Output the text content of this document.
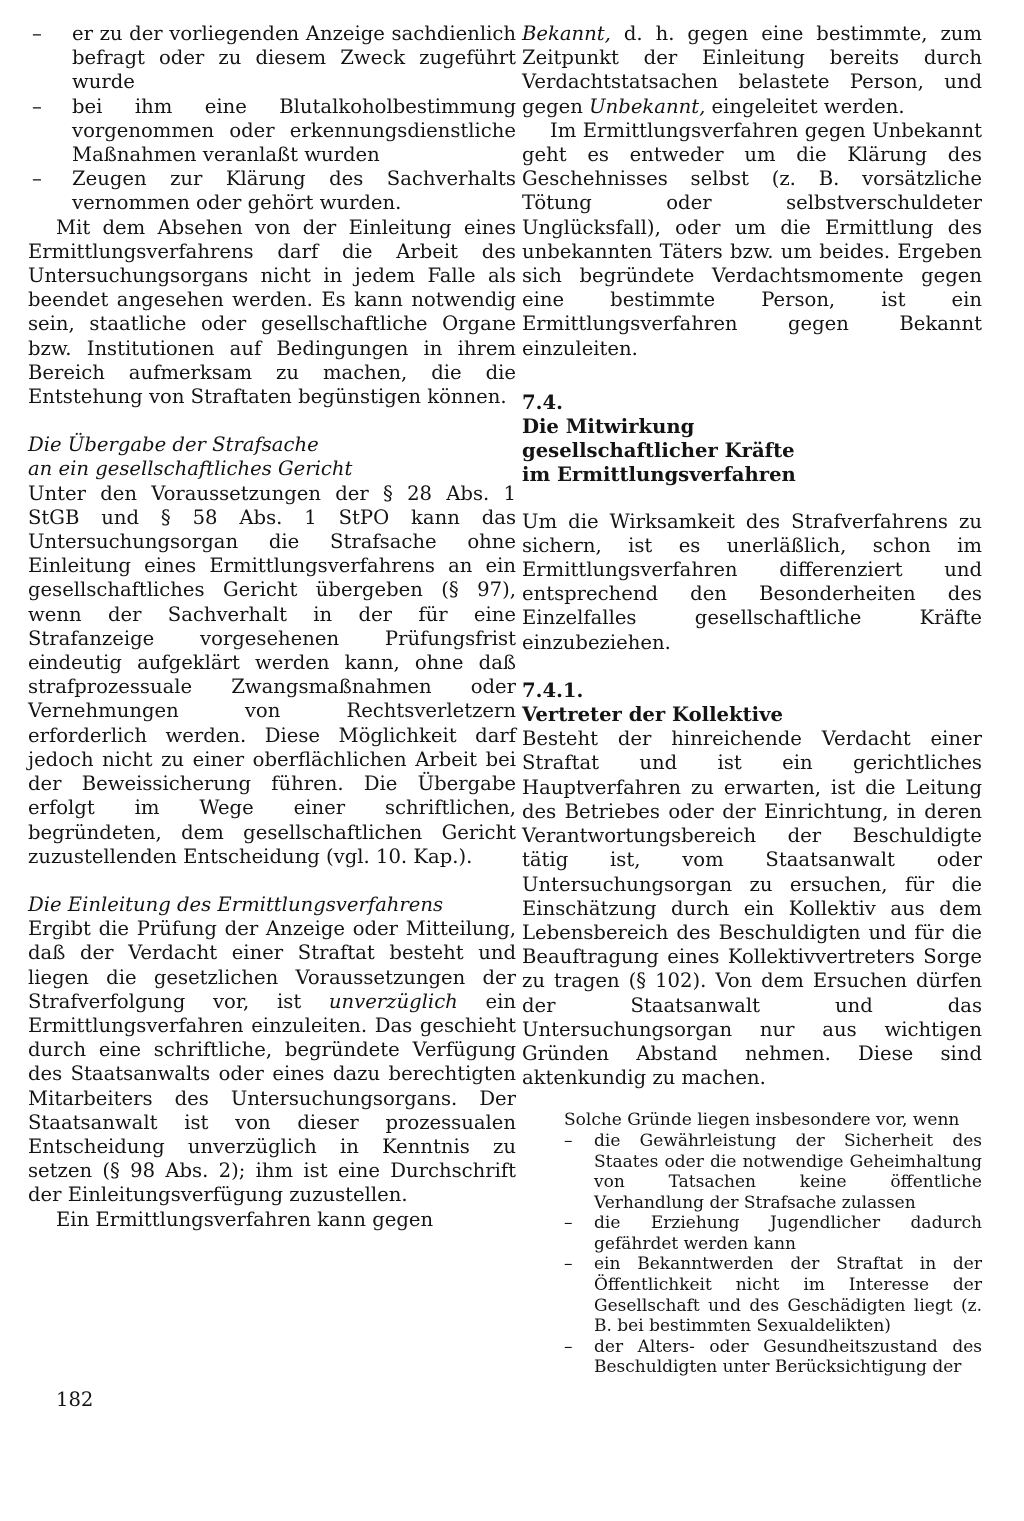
– er zu der vorliegenden Anzeige sachdienlich befragt oder zu diesem Zweck zugeführt wurde
– bei ihm eine Blutalkoholbestimmung vorgenommen oder erkennungsdienstliche Maßnahmen veranlaßt wurden
– Zeugen zur Klärung des Sachverhalts vernommen oder gehört wurden.

Mit dem Absehen von der Einleitung eines Ermittlungsverfahrens darf die Arbeit des Untersuchungsorgans nicht in jedem Falle als beendet angesehen werden. Es kann notwendig sein, staatliche oder gesellschaftliche Organe bzw. Institutionen auf Bedingungen in ihrem Bereich aufmerksam zu machen, die die Entstehung von Straftaten begünstigen können.

Die Übergabe der Strafsache

an ein gesellschaftliches Gericht

Unter den Voraussetzungen der § 28 Abs. 1 StGB und § 58 Abs. 1 StPO kann das Untersuchungsorgan die Strafsache ohne Einleitung eines Ermittlungsverfahrens an ein gesellschaftliches Gericht übergeben (§ 97), wenn der Sachverhalt in der für eine Strafanzeige vorgesehenen Prüfungsfrist eindeutig aufgeklärt werden kann, ohne daß strafprozessuale Zwangsmaßnahmen oder Vernehmungen von Rechtsverletzern erforderlich werden. Diese Möglichkeit darf jedoch nicht zu einer oberflächlichen Arbeit bei der Beweissicherung führen. Die Übergabe erfolgt im Wege einer schriftlichen, begründeten, dem gesellschaftlichen Gericht zuzustellenden Entscheidung (vgl. 10. Kap.).

Die Einleitung des Ermittlungsverfahrens

Ergibt die Prüfung der Anzeige oder Mitteilung, daß der Verdacht einer Straftat besteht und liegen die gesetzlichen Voraussetzungen der Strafverfolgung vor, ist unverzüglich ein Ermittlungsverfahren einzuleiten. Das geschieht durch eine schriftliche, begründete Verfügung des Staatsanwalts oder eines dazu berechtigten Mitarbeiters des Untersuchungsorgans. Der Staatsanwalt ist von dieser prozessualen Entscheidung unverzüglich in Kenntnis zu setzen (§ 98 Abs. 2); ihm ist eine Durchschrift der Einleitungsverfügung zuzustellen.

Ein Ermittlungsverfahren kann gegen

Bekannt, d. h. gegen eine bestimmte, zum Zeitpunkt der Einleitung bereits durch Verdachtstatsachen belastete Person, und gegen Unbekannt, eingeleitet werden.

Im Ermittlungsverfahren gegen Unbekannt geht es entweder um die Klärung des Geschehnisses selbst (z. B. vorsätzliche Tötung oder selbstverschuldeter Unglücksfall), oder um die Ermittlung des unbekannten Täters bzw. um beides. Ergeben sich begründete Verdachtsmomente gegen eine bestimmte Person, ist ein Ermittlungsverfahren gegen Bekannt einzuleiten.

7.4.

Die Mitwirkung

gesellschaftlicher Kräfte

im Ermittlungsverfahren

Um die Wirksamkeit des Strafverfahrens zu sichern, ist es unerläßlich, schon im Ermittlungsverfahren differenziert und entsprechend den Besonderheiten des Einzelfalles gesellschaftliche Kräfte einzubeziehen.

7.4.1.

Vertreter der Kollektive

Besteht der hinreichende Verdacht einer Straftat und ist ein gerichtliches Hauptverfahren zu erwarten, ist die Leitung des Betriebes oder der Einrichtung, in deren Verantwortungsbereich der Beschuldigte tätig ist, vom Staatsanwalt oder Untersuchungsorgan zu ersuchen, für die Einschätzung durch ein Kollektiv aus dem Lebensbereich des Beschuldigten und für die Beauftragung eines Kollektivvertreters Sorge zu tragen (§ 102). Von dem Ersuchen dürfen der Staatsanwalt und das Untersuchungsorgan nur aus wichtigen Gründen Abstand nehmen. Diese sind aktenkundig zu machen.

Solche Gründe liegen insbesondere vor, wenn

– die Gewährleistung der Sicherheit des Staates oder die notwendige Geheimhaltung von Tatsachen keine öffentliche Verhandlung der Strafsache zulassen
– die Erziehung Jugendlicher dadurch gefährdet werden kann
– ein Bekanntwerden der Straftat in der Öffentlichkeit nicht im Interesse der Gesellschaft und des Geschädigten liegt (z. B. bei bestimmten Sexualdelikten)
– der Alters- oder Gesundheitszustand des Beschuldigten unter Berücksichtigung der
182
